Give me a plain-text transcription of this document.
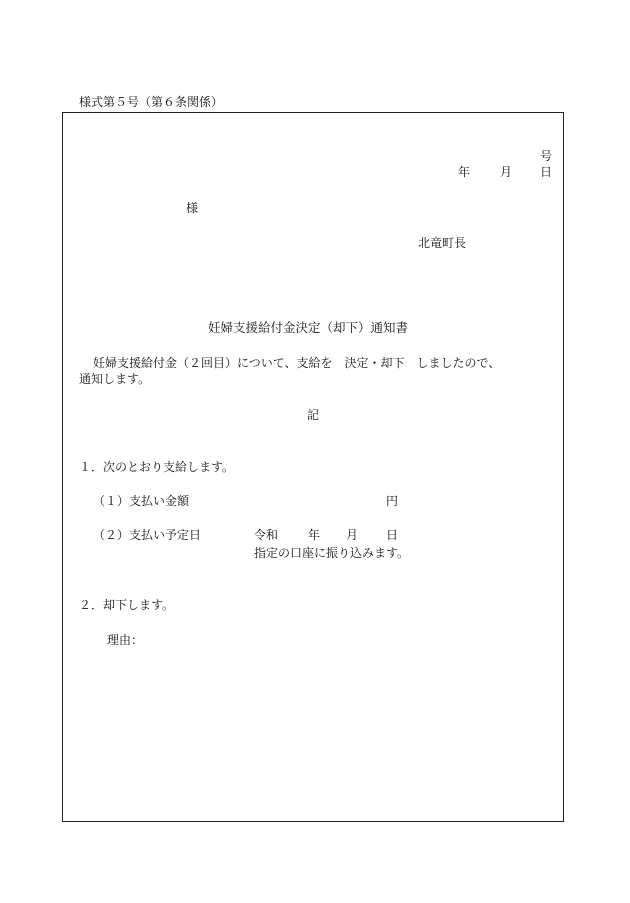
様式第５号（第６条関係）
号
年 月 日
様
北竜町長
妊婦支援給付金決定（却下）通知書
妊婦支援給付金（２回目）について、支給を　決定・却下　しましたので、
通知します。
記
１．次のとおり支給します。
（１）支払い金額	円
（２）支払い予定日	令和 年 月 日
指定の口座に振り込みます。
２．却下します。
理由：
